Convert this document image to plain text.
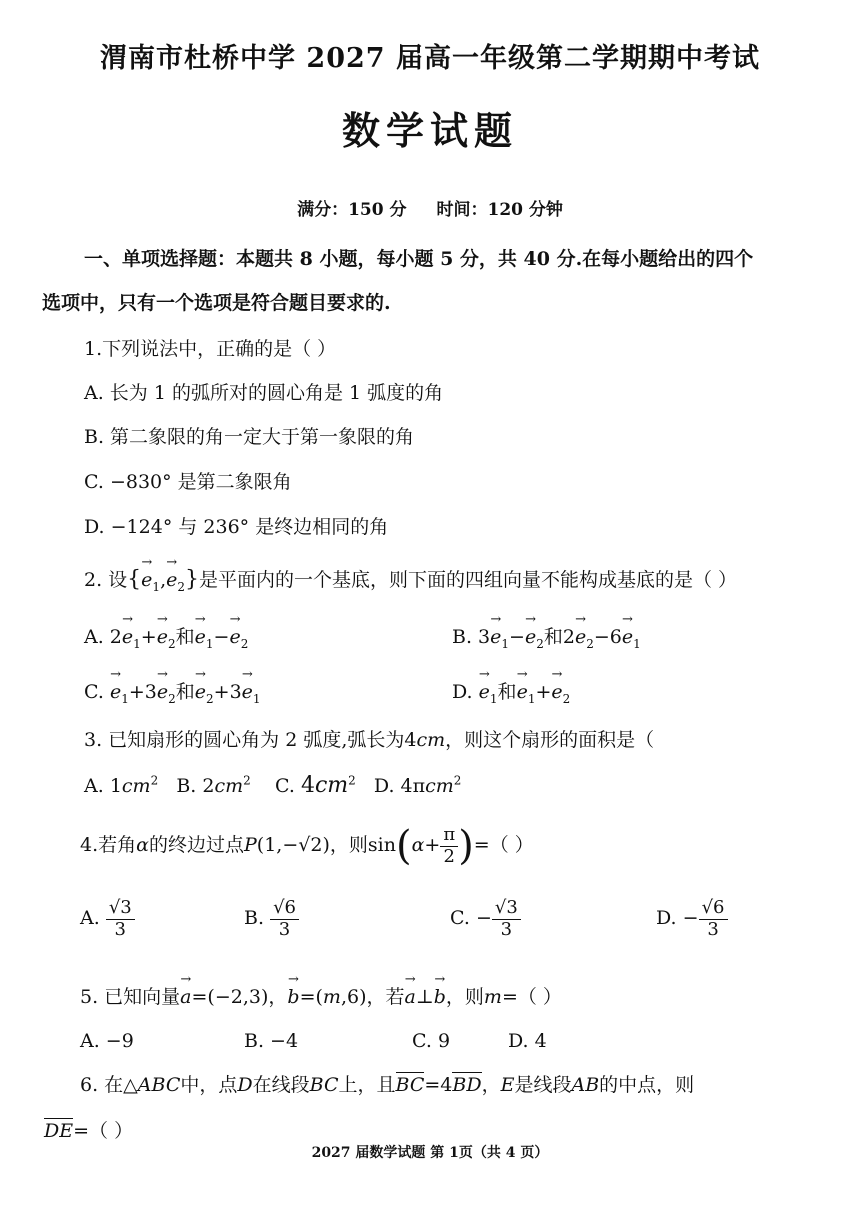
渭南市杜桥中学 2027 届高一年级第二学期期中考试
数学试题
满分：150 分 时间：120 分钟
一、单项选择题：本题共 8 小题，每小题 5 分，共 40 分.在每小题给出的四个
选项中，只有一个选项是符合题目要求的.
1.下列说法中，正确的是（ ）
A. 长为 1 的弧所对的圆心角是 1 弧度的角
B. 第二象限的角一定大于第一象限的角
C. −830° 是第二象限角
D. −124° 与 236° 是终边相同的角
2. 设{→ $e_1,\to e_2$}是平面内的一个基底，则下面的四组向量不能构成基底的是（ ）
A. $2\to e_1+\to e_2$和→ $e_1-\to e_2$	B. $3\to e_1-\to e_2$和$2\to e_2-6\to e_1$
C. → $e_1+3\to e_2$和→ $e_2+3\to e_1$	D. → $e_1$和→ $e_1+\to e_2$
3. 已知扇形的圆心角为 2 弧度,弧长为4cm，则这个扇形的面积是（
A. $1cm^2$ B. $2cm^2$ C. $4cm^2$ D. 4πcm$^2$
4.若角α的终边过点P(1,−√2)，则$\sin(\alpha+ \frac{\pi}{2}$ )=（ ）
A. $\frac{√3}{3}$	B. $\frac{√6}{3}$	C. − $\frac{√3}{3}$	D. − $\frac{√6}{3}$
5. 已知向量→ a=(−2,3)，→ b=(m,6)，若→ a⊥→ b，则m=（ ）
A. −9	B. −4	C. 9	D. 4
6. 在△ABC中，点D在线段BC上，且BC=4BD，E是线段AB的中点，则
DE=（ ）
2027 届数学试题 第 1页（共 4 页）
